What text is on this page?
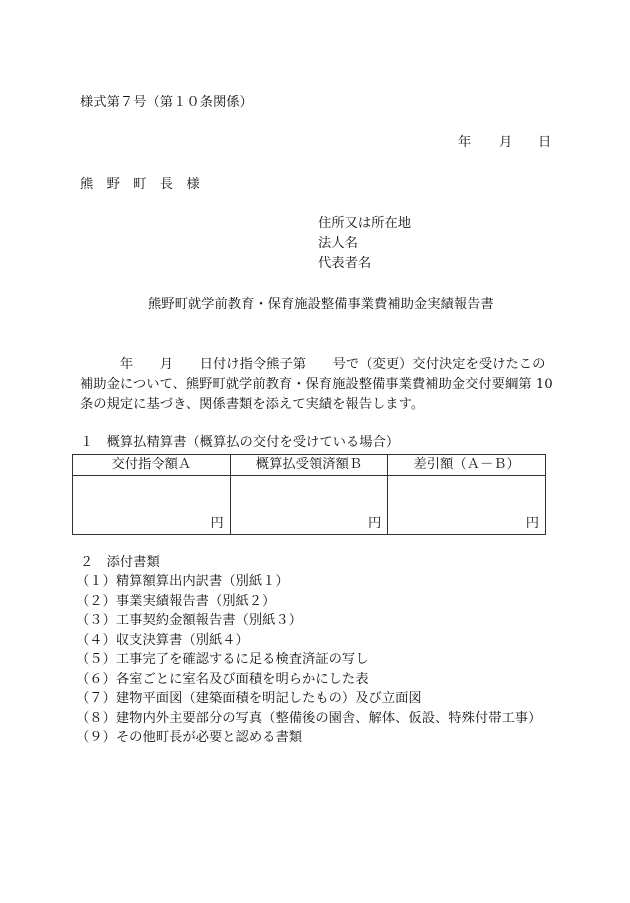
様式第７号（第１０条関係）
年 月 日
熊　野　町　長　様
住所又は所在地
法人名
代表者名
熊野町就学前教育・保育施設整備事業費補助金実績報告書
　　　年　　月　　日付け指令熊子第　　号で（変更）交付決定を受けたこの
補助金について、熊野町就学前教育・保育施設整備事業費補助金交付要綱第 10
条の規定に基づき、関係書類を添えて実績を報告します。
１　概算払精算書（概算払の交付を受けている場合）
交付指令額Ａ	概算払受領済額Ｂ	差引額（Ａ－Ｂ）
円	円	円
２　添付書類
（１）精算額算出内訳書（別紙１）
（２）事業実績報告書（別紙２）
（３）工事契約金額報告書（別紙３）
（４）収支決算書（別紙４）
（５）工事完了を確認するに足る検査済証の写し
（６）各室ごとに室名及び面積を明らかにした表
（７）建物平面図（建築面積を明記したもの）及び立面図
（８）建物内外主要部分の写真（整備後の園舎、解体、仮設、特殊付帯工事）
（９）その他町長が必要と認める書類
